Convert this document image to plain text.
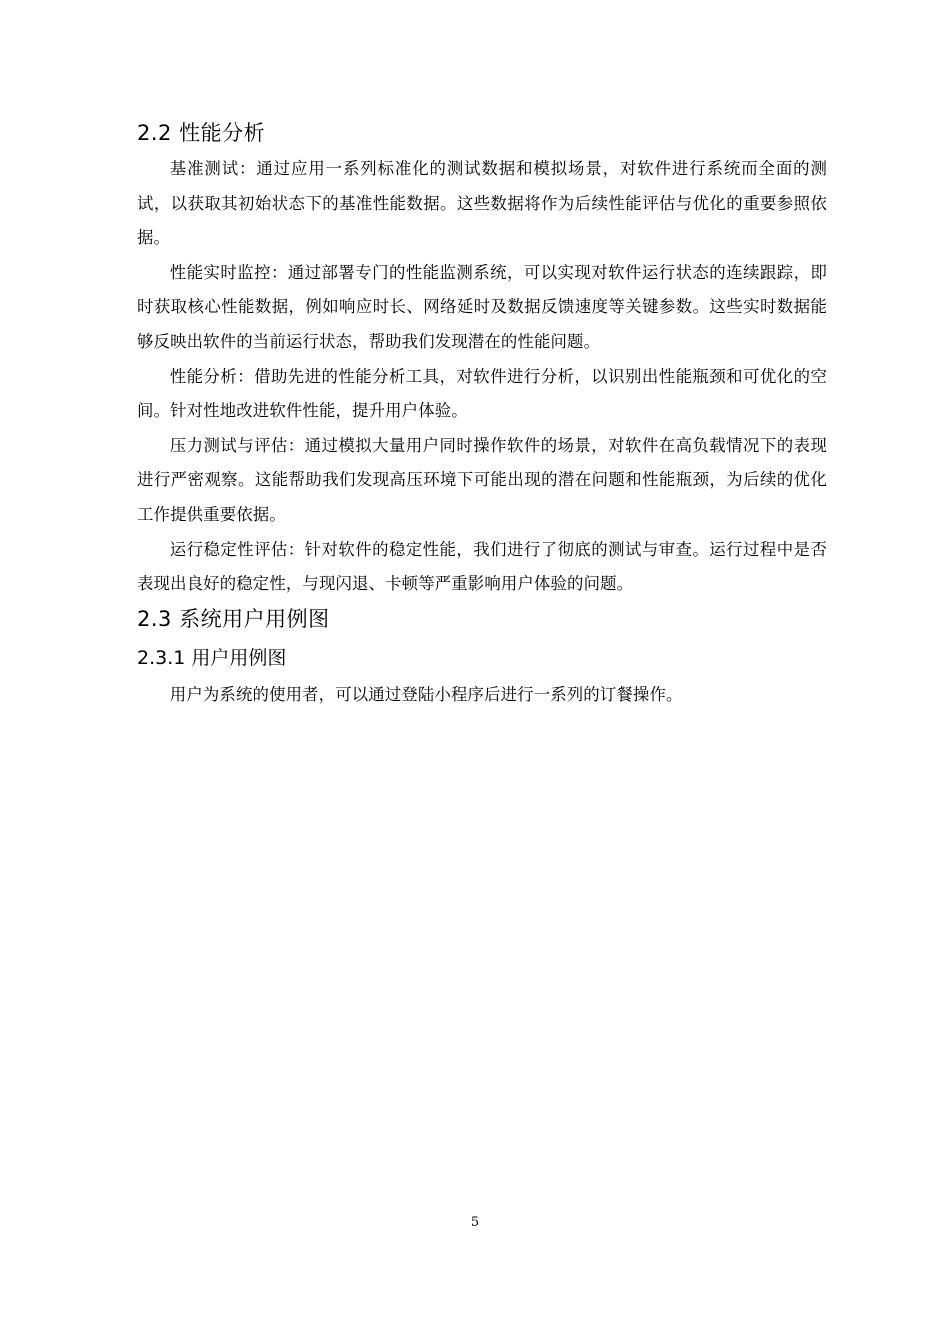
2.2 性能分析

基准测试：通过应用一系列标准化的测试数据和模拟场景，对软件进行系统而全面的测试，以获取其初始状态下的基准性能数据。这些数据将作为后续性能评估与优化的重要参照依据。

性能实时监控：通过部署专门的性能监测系统，可以实现对软件运行状态的连续跟踪，即时获取核心性能数据，例如响应时长、网络延时及数据反馈速度等关键参数。这些实时数据能够反映出软件的当前运行状态，帮助我们发现潜在的性能问题。

性能分析：借助先进的性能分析工具，对软件进行分析，以识别出性能瓶颈和可优化的空间。针对性地改进软件性能，提升用户体验。

压力测试与评估：通过模拟大量用户同时操作软件的场景，对软件在高负载情况下的表现进行严密观察。这能帮助我们发现高压环境下可能出现的潜在问题和性能瓶颈，为后续的优化工作提供重要依据。

运行稳定性评估：针对软件的稳定性能，我们进行了彻底的测试与审查。运行过程中是否表现出良好的稳定性，与现闪退、卡顿等严重影响用户体验的问题。

2.3 系统用户用例图
2.3.1 用户用例图

用户为系统的使用者，可以通过登陆小程序后进行一系列的订餐操作。

5
